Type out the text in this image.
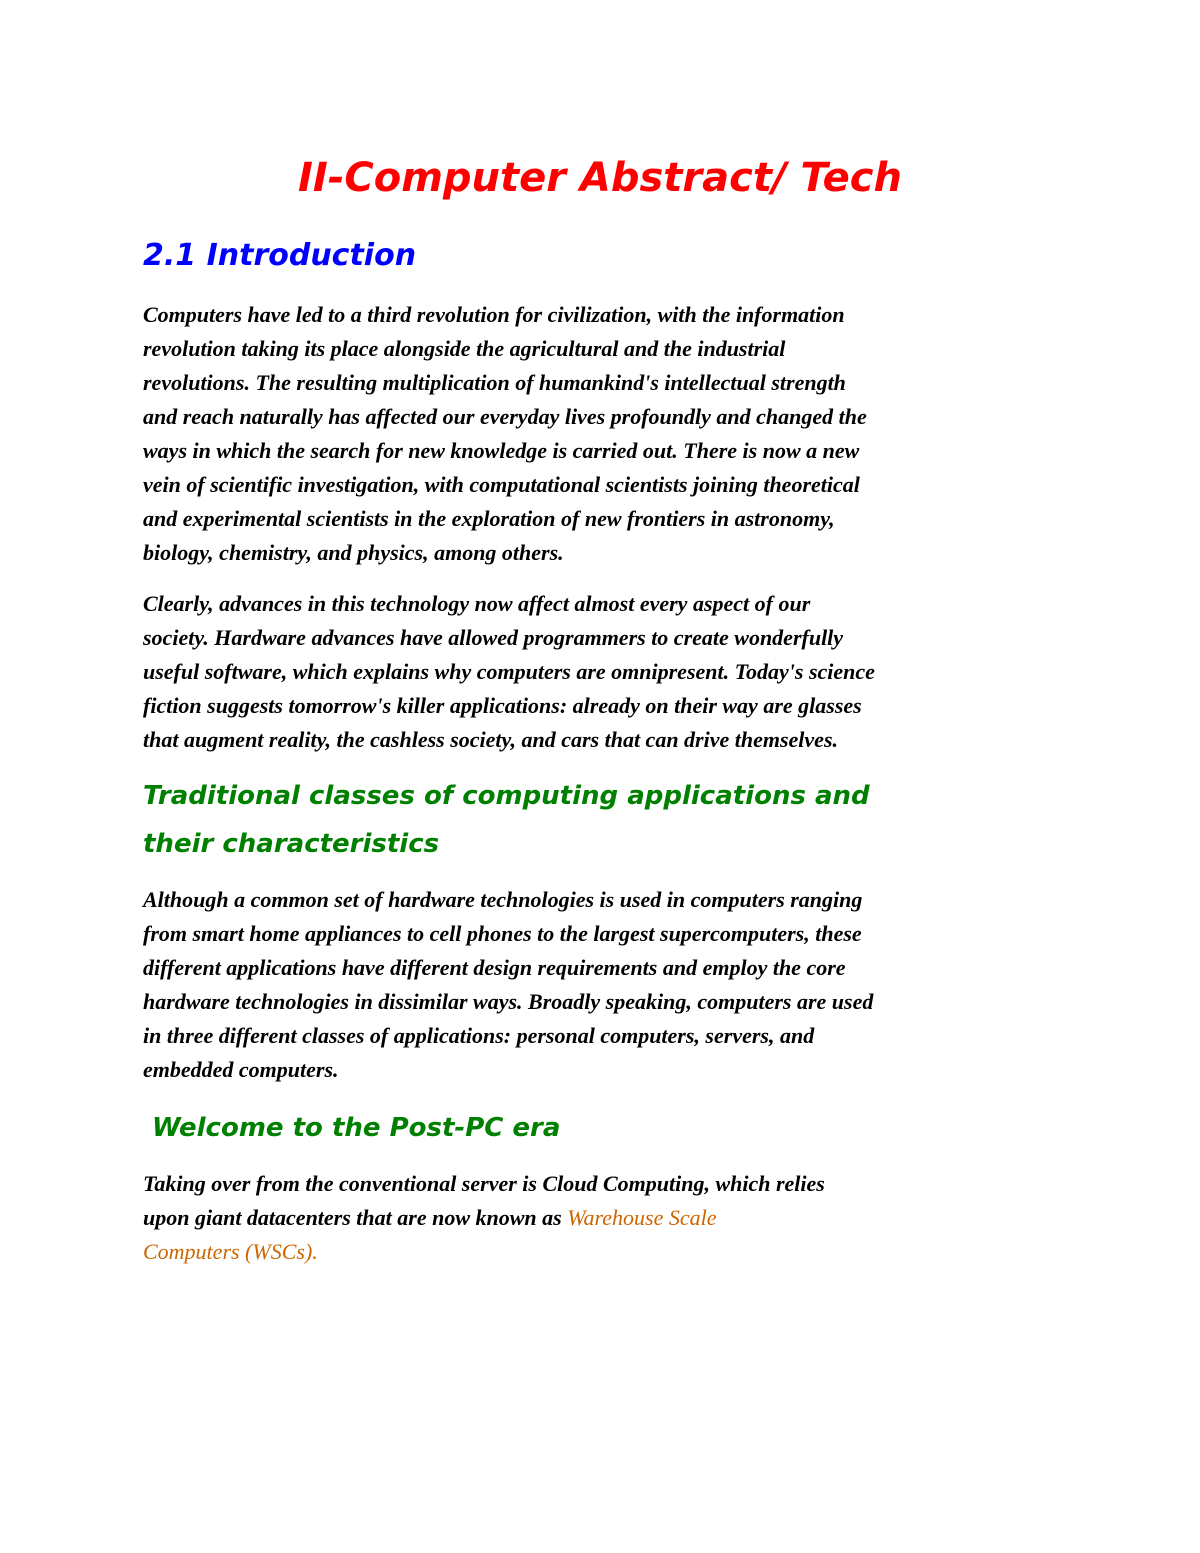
II-Computer Abstract/ Tech
2.1 Introduction

Computers have led to a third revolution for civilization, with the information
revolution taking its place alongside the agricultural and the industrial
revolutions. The resulting multiplication of humankind's intellectual strength
and reach naturally has affected our everyday lives profoundly and changed the
ways in which the search for new knowledge is carried out. There is now a new
vein of scientific investigation, with computational scientists joining theoretical
and experimental scientists in the exploration of new frontiers in astronomy,
biology, chemistry, and physics, among others.

Clearly, advances in this technology now affect almost every aspect of our
society. Hardware advances have allowed programmers to create wonderfully
useful software, which explains why computers are omnipresent. Today's science
fiction suggests tomorrow's killer applications: already on their way are glasses
that augment reality, the cashless society, and cars that can drive themselves.

Traditional classes of computing applications and
their characteristics

Although a common set of hardware technologies is used in computers ranging
from smart home appliances to cell phones to the largest supercomputers, these
different applications have different design requirements and employ the core
hardware technologies in dissimilar ways. Broadly speaking, computers are used
in three different classes of applications: personal computers, servers, and
embedded computers.

Welcome to the Post-PC era

Taking over from the conventional server is Cloud Computing, which relies
upon giant datacenters that are now known as Warehouse Scale
Computers (WSCs).
